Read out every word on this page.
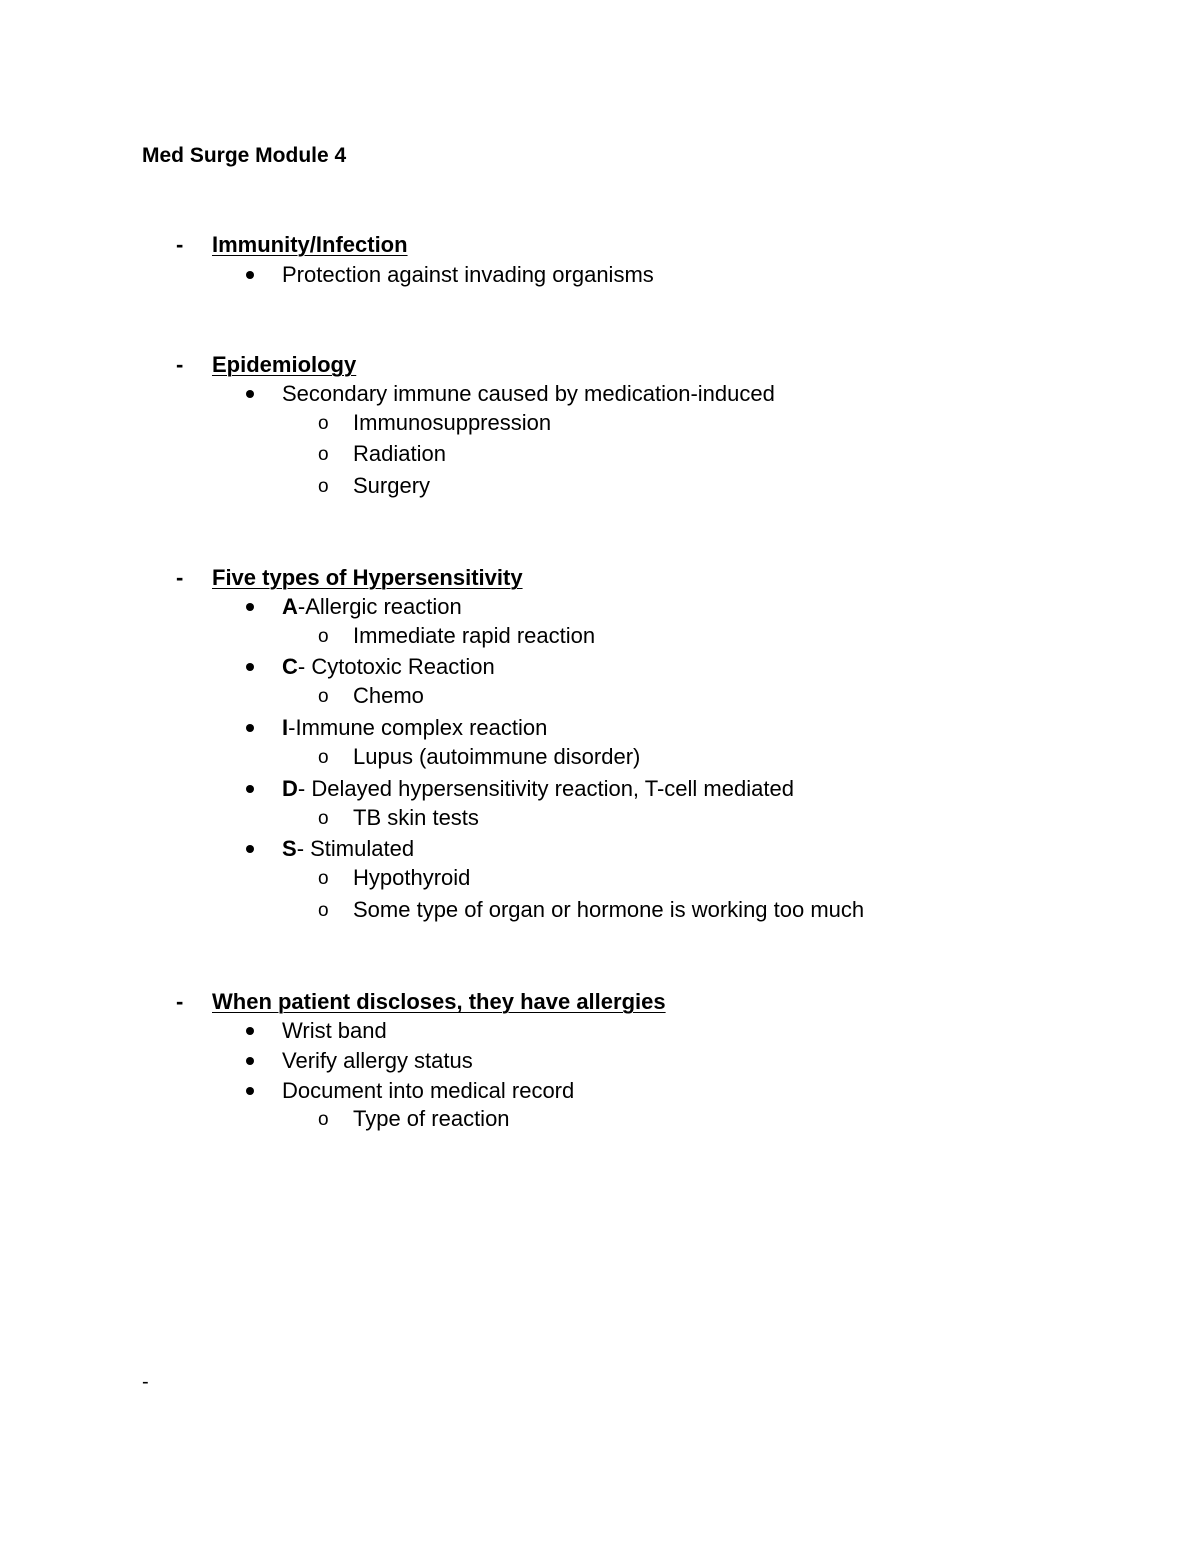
Med Surge Module 4
- Immunity/Infection
Protection against invading organisms
- Epidemiology
Secondary immune caused by medication-induced
o Immunosuppression
o Radiation
o Surgery
- Five types of Hypersensitivity
A-Allergic reaction
o Immediate rapid reaction
C- Cytotoxic Reaction
o Chemo
I-Immune complex reaction
o Lupus (autoimmune disorder)
D- Delayed hypersensitivity reaction, T-cell mediated
o TB skin tests
S- Stimulated
o Hypothyroid
o Some type of organ or hormone is working too much
- When patient discloses, they have allergies
Wrist band
Verify allergy status
Document into medical record
o Type of reaction
-
